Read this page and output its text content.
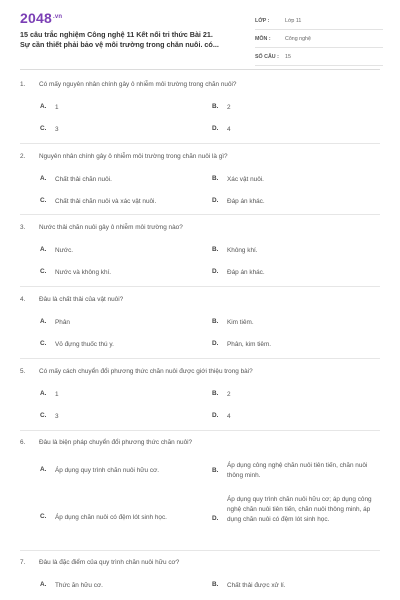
$2048^{.vn}$
15 câu trắc nghiệm Công nghệ 11 Kết nối tri thức Bài 21.
Sự cần thiết phải bảo vệ môi trường trong chăn nuôi. có...
LỚP :	Lớp 11
MÔN :	Công nghệ
SỐ CÂU : 15
1. Có mấy nguyên nhân chính gây ô nhiễm môi trường trong chăn nuôi?
A. 1	B. 2
C. 3	D. 4
2. Nguyên nhân chính gây ô nhiễm môi trường trong chăn nuôi là gì?
A. Chất thải chăn nuôi.	B. Xác vật nuôi.
C. Chất thải chăn nuôi và xác vật nuôi.	D. Đáp án khác.
3. Nước thải chăn nuôi gây ô nhiễm môi trường nào?
A. Nước.	B. Không khí.
C. Nước và không khí.	D. Đáp án khác.
4. Đâu là chất thải của vật nuôi?
A. Phân	B. Kim tiêm.
C. Vỏ đựng thuốc thú y.	D. Phân, kim tiêm.
5. Có mấy cách chuyển đổi phương thức chăn nuôi được giới thiệu trong bài?
A. 1	B. 2
C. 3	D. 4
6. Đâu là biện pháp chuyển đổi phương thức chăn nuôi?
A. Áp dụng quy trình chăn nuôi hữu cơ.	B.
Áp dụng công nghệ chăn nuôi tiên tiến, chăn nuôi thông minh.
C. Áp dụng chăn nuôi có đệm lót sinh học.	D.
Áp dụng quy trình chăn nuôi hữu cơ; áp dụng công nghệ chăn nuôi tiên tiến, chăn nuôi thông minh, áp dụng chăn nuôi có đệm lót sinh học.
7. Đâu là đặc điểm của quy trình chăn nuôi hữu cơ?
A. Thức ăn hữu cơ.	B. Chất thải được xử lí.
